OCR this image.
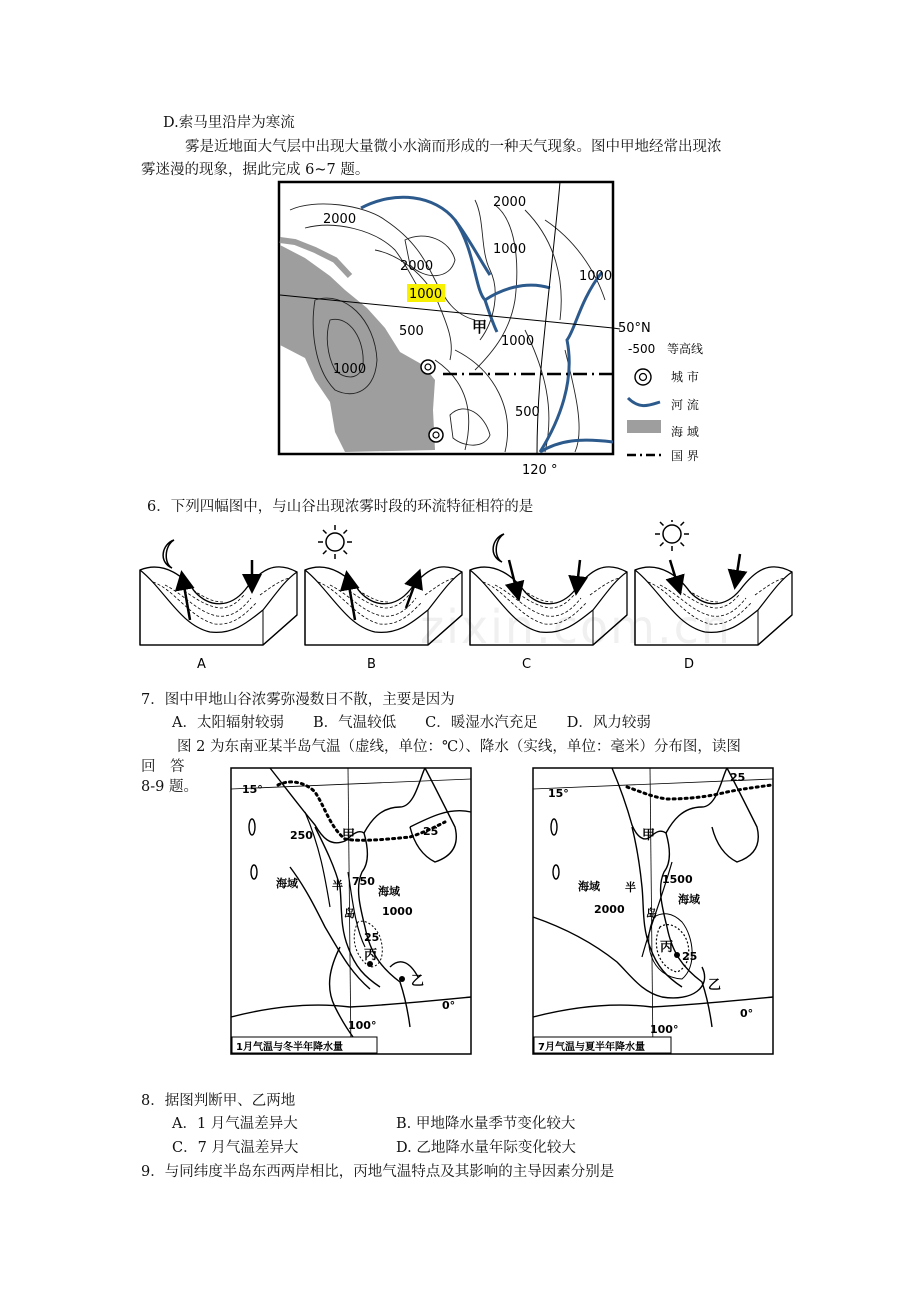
D.索马里沿岸为寒流
雾是近地面大气层中出现大量微小水滴而形成的一种天气现象。图中甲地经常出现浓
雾迷漫的现象，据此完成 6~7 题。
2000
2000
1000
2000
1000
1000
500
1000
1000
500
甲	50°N
120 °
-500 等高线
城 市
河 流
海 域
国 界
6．下列四幅图中，与山谷出现浓雾时段的环流特征相符的是
A	B	C	D
zixin.com.cn
7．图中甲地山谷浓雾弥漫数日不散，主要是因为
A．太阳辐射较弱　　B．气温较低　　C．暖湿水汽充足　　D．风力较弱
图 2 为东南亚某半岛气温（虚线，单位：℃）、降水（实线，单位：毫米）分布图，读图
回　答
8-9 题。	15°
0°
100°
250	25
750
1000
25
海域
海域
半
岛
甲
丙
乙
1月气温与冬半年降水量
15°
0°
100°
25
1500
2000
25
海域
海域
半
岛
甲
丙
乙
7月气温与夏半年降水量
8．据图判断甲、乙两地
A．1 月气温差异大	B. 甲地降水量季节变化较大
C．7 月气温差异大	D. 乙地降水量年际变化较大
9．与同纬度半岛东西两岸相比，丙地气温特点及其影响的主导因素分别是
